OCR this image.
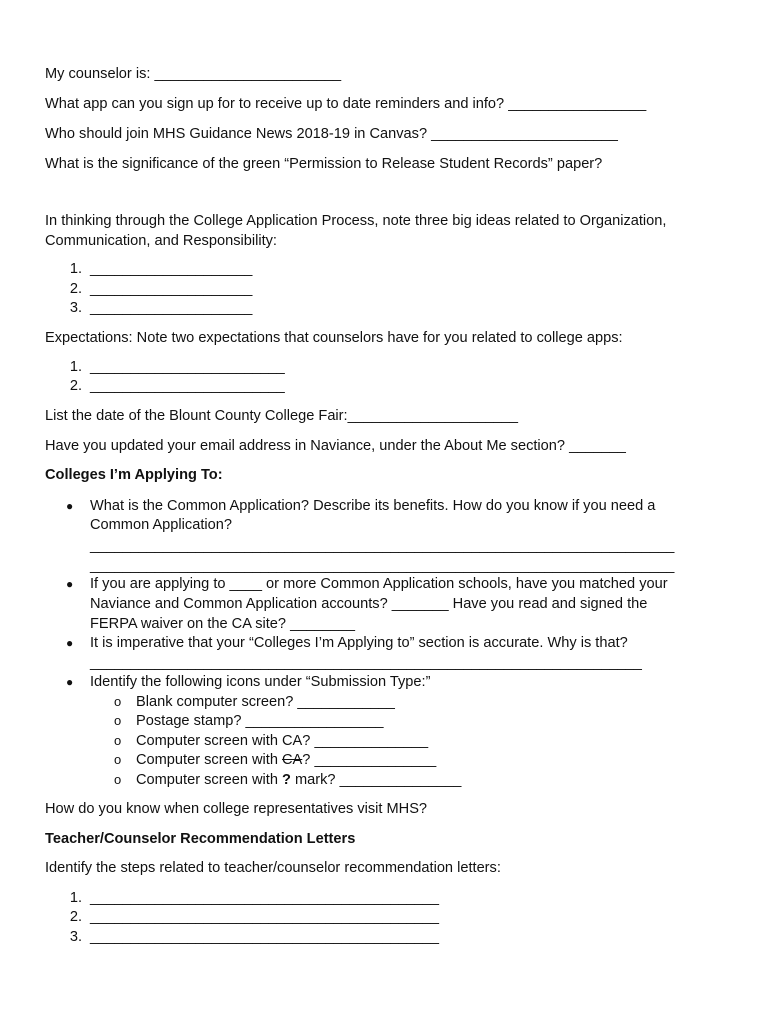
My counselor is: _______________________
What app can you sign up for to receive up to date reminders and info? _________________
Who should join MHS Guidance News 2018-19 in Canvas? _______________________
What is the significance of the green “Permission to Release Student Records” paper?
In thinking through the College Application Process, note three big ideas related to Organization,
Communication, and Responsibility:
1. ____________________
2. ____________________
3. ____________________
Expectations: Note two expectations that counselors have for you related to college apps:
1. ________________________
2. ________________________
List the date of the Blount County College Fair:_____________________
Have you updated your email address in Naviance, under the About Me section? _______
Colleges I’m Applying To:
● What is the Common Application? Describe its benefits. How do you know if you need a
Common Application?
________________________________________________________________________
________________________________________________________________________
● If you are applying to ____ or more Common Application schools, have you matched your
Naviance and Common Application accounts? _______ Have you read and signed the
FERPA waiver on the CA site? ________
● It is imperative that your “Colleges I’m Applying to” section is accurate. Why is that?
____________________________________________________________________
● Identify the following icons under “Submission Type:”
o Blank computer screen? ____________
o Postage stamp? _________________
o Computer screen with CA? ______________
o Computer screen with CA? _______________
o Computer screen with ? mark? _______________
How do you know when college representatives visit MHS?
Teacher/Counselor Recommendation Letters
Identify the steps related to teacher/counselor recommendation letters:
1. ___________________________________________
2. ___________________________________________
3. ___________________________________________
